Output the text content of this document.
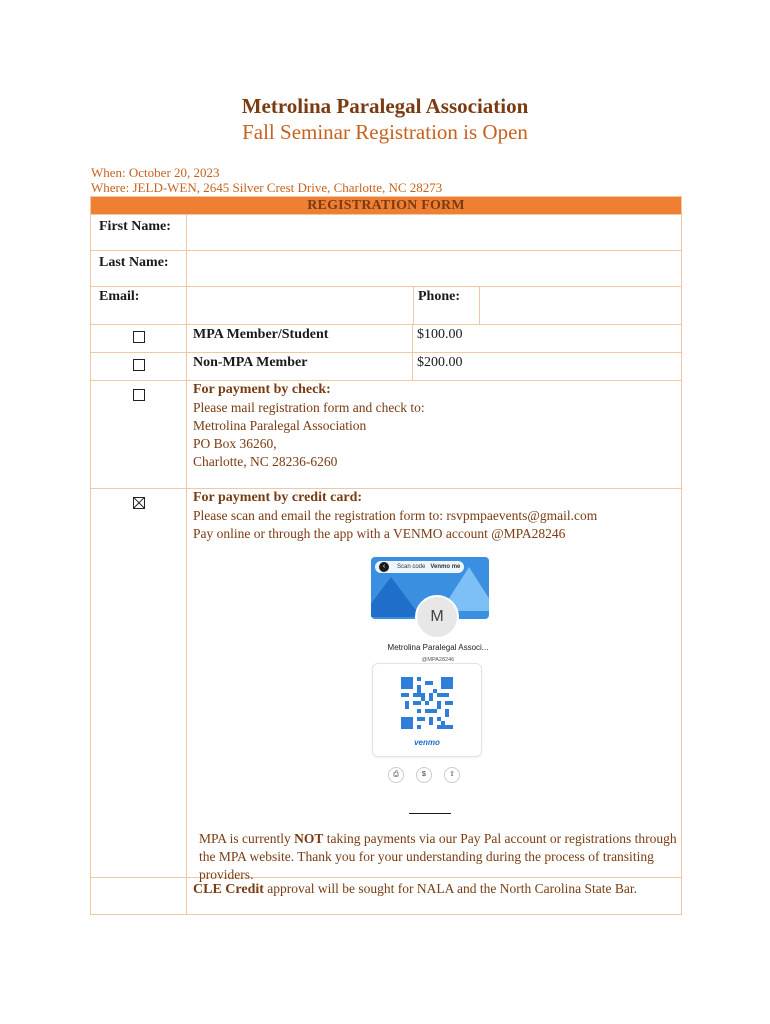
Metrolina Paralegal Association
Fall Seminar Registration is Open
When: October 20, 2023
Where: JELD-WEN, 2645 Silver Crest Drive, Charlotte, NC 28273
REGISTRATION FORM
First Name:
Last Name:
Email:	Phone:
MPA Member/Student	$100.00
Non-MPA Member	$200.00
For payment by check:
Please mail registration form and check to:
Metrolina Paralegal Association
PO Box 36260,
Charlotte, NC 28236-6260
For payment by credit card:
Please scan and email the registration form to: rsvpmpaevents@gmail.com
Pay online or through the app with a VENMO account @MPA28246
‹	Scan code Venmo me
M
Metrolina Paralegal Associ...
@MPA28246
venmo
⎙	$	⇧
MPA is currently NOT taking payments via our Pay Pal account or registrations through the MPA website. Thank you for your understanding during the process of transiting providers.
CLE Credit approval will be sought for NALA and the North Carolina State Bar.
